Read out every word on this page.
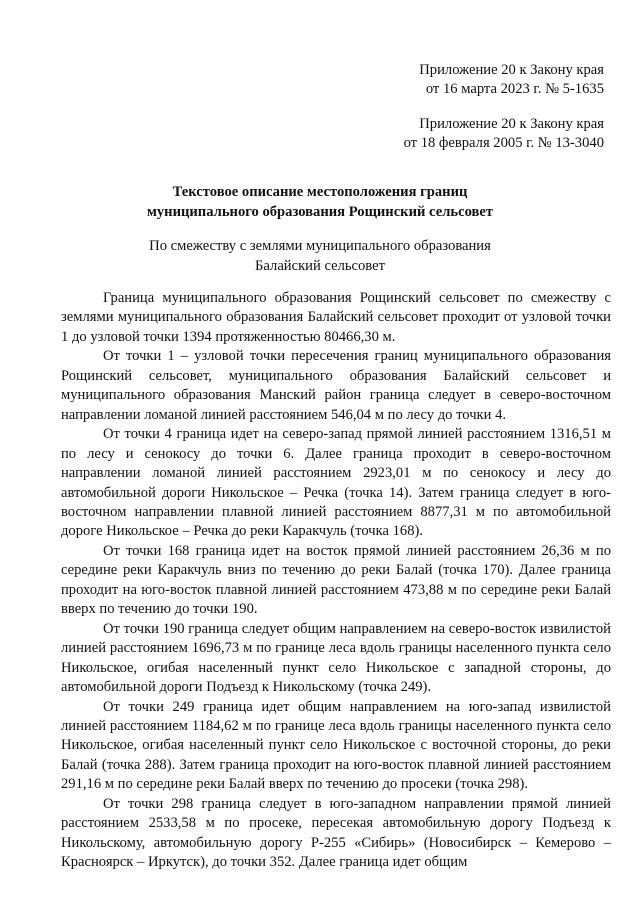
Приложение 20 к Закону края
от 16 марта 2023 г. № 5-1635
Приложение 20 к Закону края
от 18 февраля 2005 г. № 13-3040
Текстовое описание местоположения границ
муниципального образования Рощинский сельсовет
По смежеству с землями муниципального образования
Балайский сельсовет

Граница муниципального образования Рощинский сельсовет по смежеству с землями муниципального образования Балайский сельсовет проходит от узловой точки 1 до узловой точки 1394 протяженностью 80466,30 м.

От точки 1 – узловой точки пересечения границ муниципального образования Рощинский сельсовет, муниципального образования Балайский сельсовет и муниципального образования Манский район граница следует в северо-восточном направлении ломаной линией расстоянием 546,04 м по лесу до точки 4.

От точки 4 граница идет на северо-запад прямой линией расстоянием 1316,51 м по лесу и сенокосу до точки 6. Далее граница проходит в северо-восточном направлении ломаной линией расстоянием 2923,01 м по сенокосу и лесу до автомобильной дороги Никольское – Речка (точка 14). Затем граница следует в юго-восточном направлении плавной линией расстоянием 8877,31 м по автомобильной дороге Никольское – Речка до реки Каракчуль (точка 168).

От точки 168 граница идет на восток прямой линией расстоянием 26,36 м по середине реки Каракчуль вниз по течению до реки Балай (точка 170). Далее граница проходит на юго-восток плавной линией расстоянием 473,88 м по середине реки Балай вверх по течению до точки 190.

От точки 190 граница следует общим направлением на северо-восток извилистой линией расстоянием 1696,73 м по границе леса вдоль границы населенного пункта село Никольское, огибая населенный пункт село Никольское с западной стороны, до автомобильной дороги Подъезд к Никольскому (точка 249).

От точки 249 граница идет общим направлением на юго-запад извилистой линией расстоянием 1184,62 м по границе леса вдоль границы населенного пункта село Никольское, огибая населенный пункт село Никольское с восточной стороны, до реки Балай (точка 288). Затем граница проходит на юго-восток плавной линией расстоянием 291,16 м по середине реки Балай вверх по течению до просеки (точка 298).

От точки 298 граница следует в юго-западном направлении прямой линией расстоянием 2533,58 м по просеке, пересекая автомобильную дорогу Подъезд к Никольскому, автомобильную дорогу Р-255 «Сибирь» (Новосибирск – Кемерово – Красноярск – Иркутск), до точки 352. Далее граница идет общим
